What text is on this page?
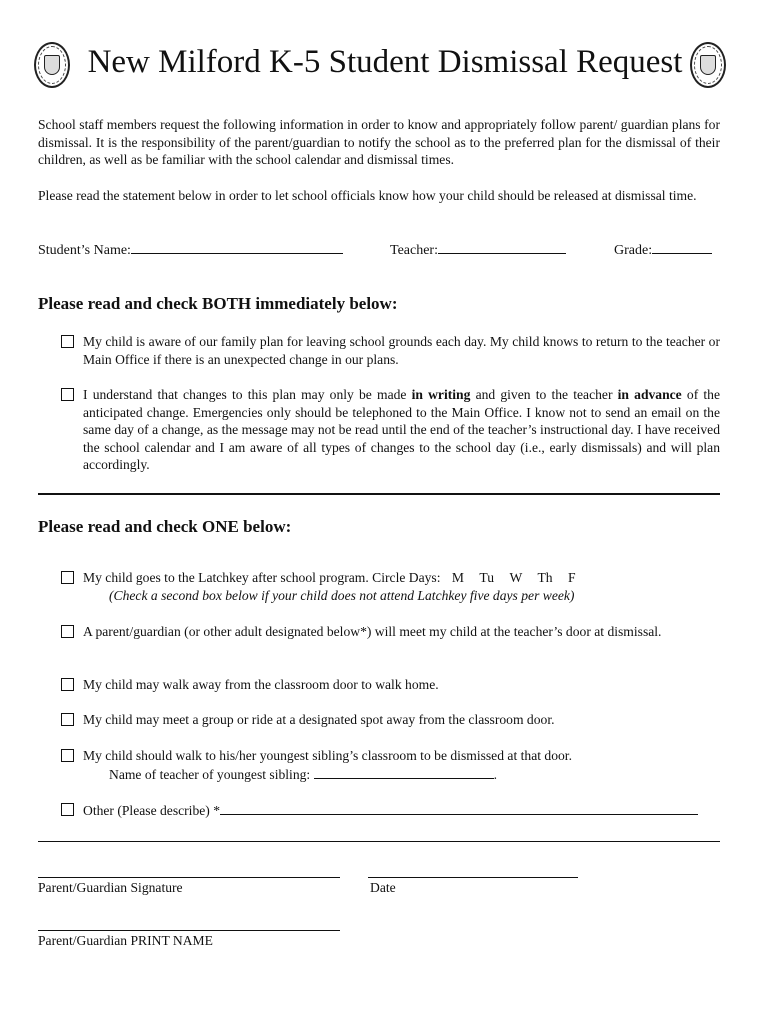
New Milford K-5 Student Dismissal Request
School staff members request the following information in order to know and appropriately follow parent/ guardian plans for dismissal. It is the responsibility of the parent/guardian to notify the school as to the preferred plan for the dismissal of their children, as well as be familiar with the school calendar and dismissal times.
Please read the statement below in order to let school officials know how your child should be released at dismissal time.
Student’s Name:	Teacher:	Grade:
Please read and check BOTH immediately below:
My child is aware of our family plan for leaving school grounds each day. My child knows to return to the teacher or Main Office if there is an unexpected change in our plans.
I understand that changes to this plan may only be made in writing and given to the teacher in advance of the anticipated change. Emergencies only should be telephoned to the Main Office. I know not to send an email on the same day of a change, as the message may not be read until the end of the teacher’s instructional day. I have received the school calendar and I am aware of all types of changes to the school day (i.e., early dismissals) and will plan accordingly.
Please read and check ONE below:
My child goes to the Latchkey after school program. Circle Days: M Tu W Th F
(Check a second box below if your child does not attend Latchkey five days per week)
A parent/guardian (or other adult designated below*) will meet my child at the teacher’s door at dismissal.
My child may walk away from the classroom door to walk home.
My child may meet a group or ride at a designated spot away from the classroom door.
My child should walk to his/her youngest sibling’s classroom to be dismissed at that door.
Name of teacher of youngest sibling:	.
Other (Please describe) *
Parent/Guardian Signature	Date
Parent/Guardian PRINT NAME
